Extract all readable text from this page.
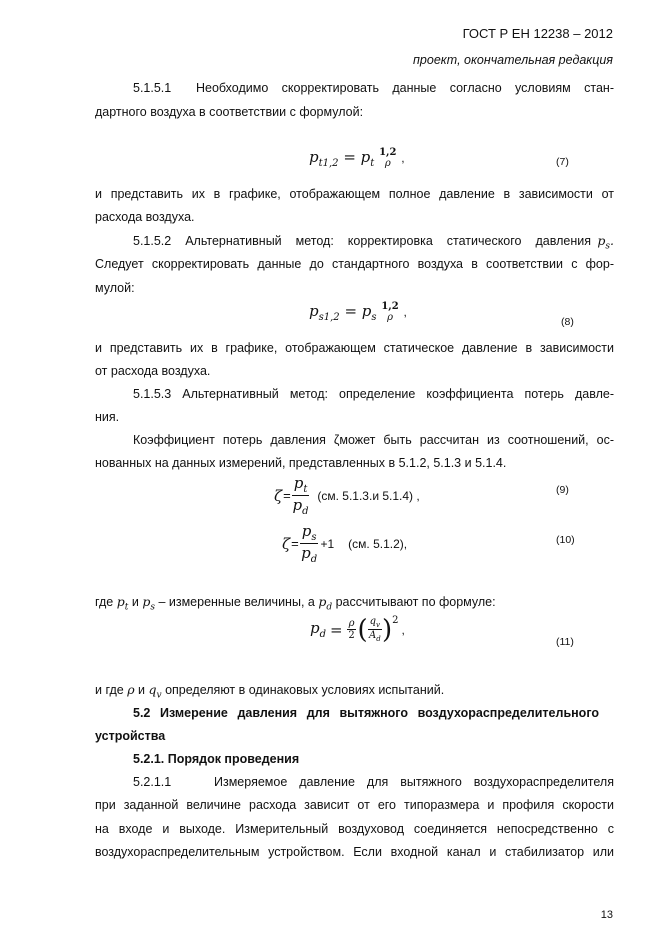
ГОСТ Р ЕН 12238 – 2012
проект, окончательная редакция
5.1.5.1 Необходимо скорректировать данные согласно условиям стан-
дартного воздуха в соответствии с формулой:
$p_{t1,2} = p_t$
1,2
ρ ,	(7)
и представить их в графике, отображающем полное давление в зависимости от
расхода воздуха.
5.1.5.2 Альтернативный метод: корректировка статического давления $p_s$.
Следует скорректировать данные до стандартного воздуха в соответствии с фор-
мулой:
$p_{s1,2} = p_s$
1,2
ρ ,
(8)
и представить их в графике, отображающем статическое давление в зависимости
от расхода воздуха.
5.1.5.3 Альтернативный метод: определение коэффициента потерь давле-
ния.
Коэффициент потерь давления ζможет быть рассчитан из соотношений, ос-
нованных на данных измерений, представленных в 5.1.2, 5.1.3 и 5.1.4.
$\zeta = \frac{p_t}{p_d} (см$. 5.1.3.и 5.1.4) ,	(9)
$\zeta = \frac{p_s}{p_d} +1$ (см. 5.1.2),	(10)
где $p_t$ и $p_s$ – измеренные величины, а $p_d$ рассчитывают по формуле:
$p_d = \frac{\rho}{2}$ ( $\frac{q_v}{A_d} )^2$
,
(11)
и где ρ и $q_v$ определяют в одинаковых условиях испытаний.
5.2 Измерение давления для вытяжного воздухораспределительного
устройства
5.2.1. Порядок проведения
5.2.1.1	Измеряемое давление для вытяжного воздухораспределителя
при заданной величине расхода зависит от его типоразмера и профиля скорости
на входе и выходе. Измерительный воздуховод соединяется непосредственно с
воздухораспределительным устройством. Если входной канал и стабилизатор или
13
